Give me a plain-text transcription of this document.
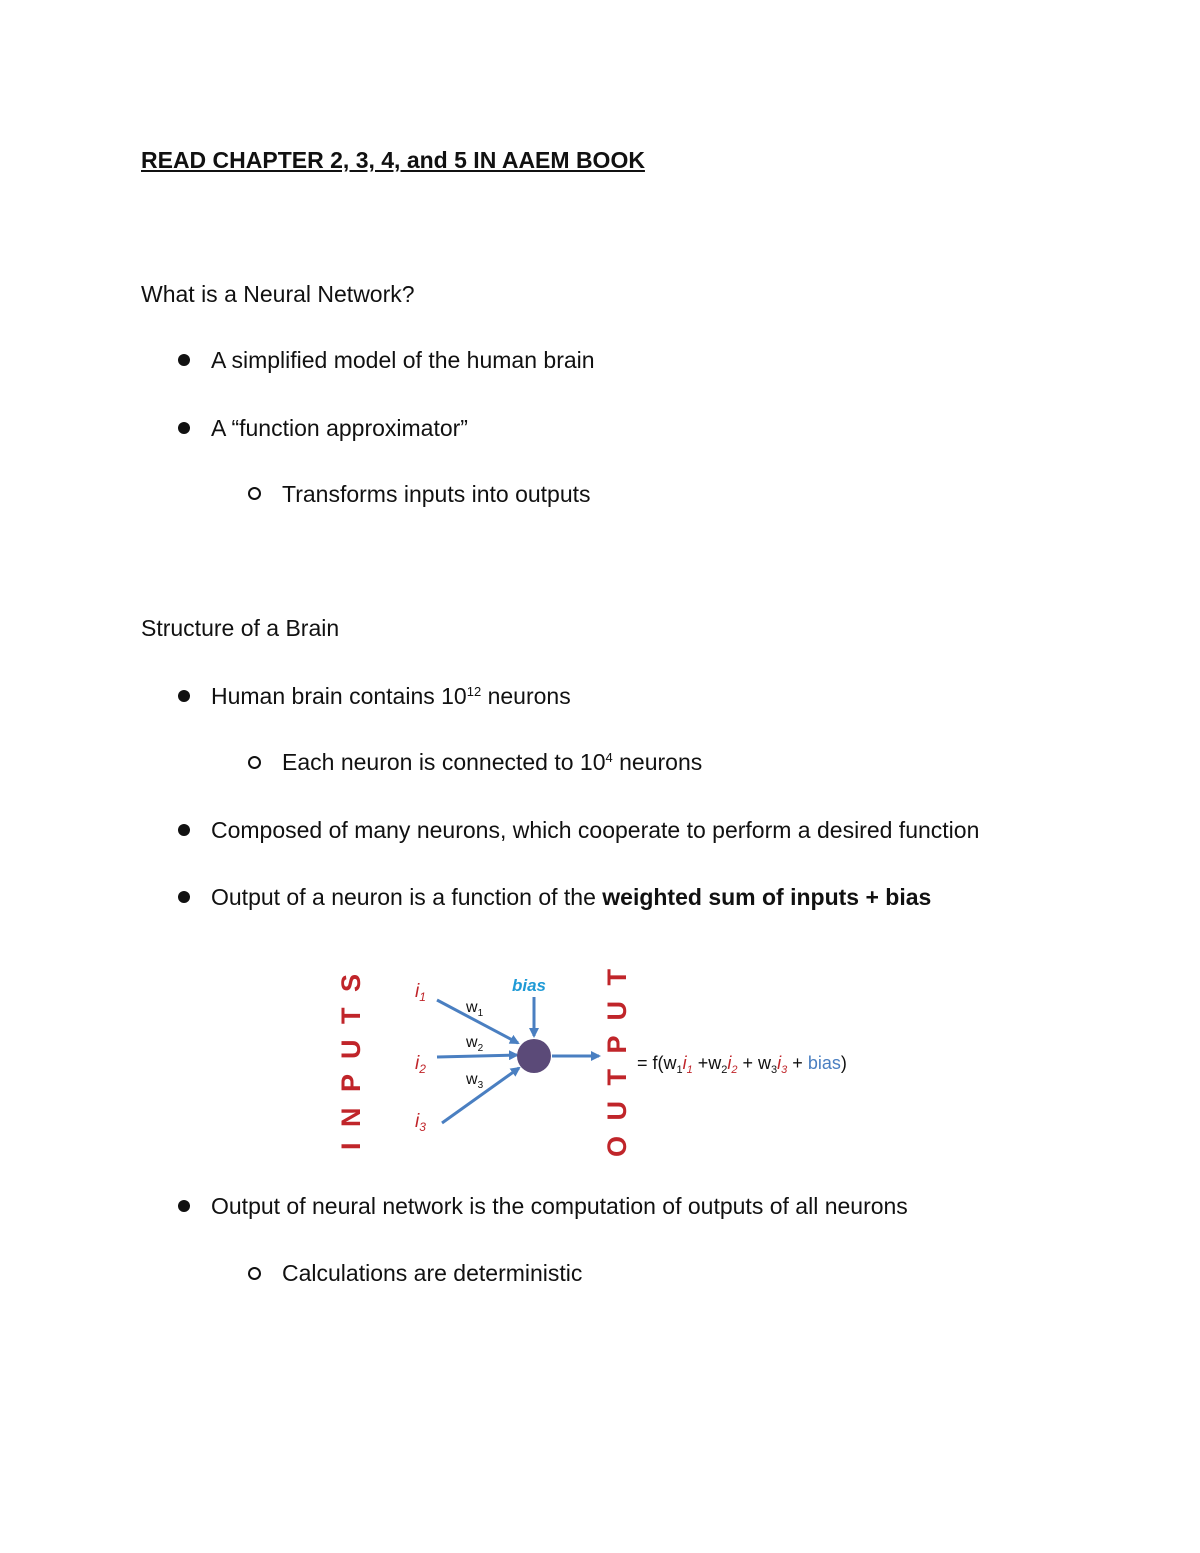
READ CHAPTER 2, 3, 4, and 5 IN AAEM BOOK
What is a Neural Network?
A simplified model of the human brain
A “function approximator”
Transforms inputs into outputs
Structure of a Brain
Human brain contains $10^{12}$ neurons
Each neuron is connected to $10^4$ neurons
Composed of many neurons, which cooperate to perform a desired function
Output of a neuron is a function of the weighted sum of inputs + bias
I N P U T S	O U T P U T
$i_1$
$i_2$
$i_3$
$w_1$
$w_2$
$w_3$
bias
= $f(w_1i_1 +w_2i_2 + w_3i_3$ + bias)
Output of neural network is the computation of outputs of all neurons
Calculations are deterministic
